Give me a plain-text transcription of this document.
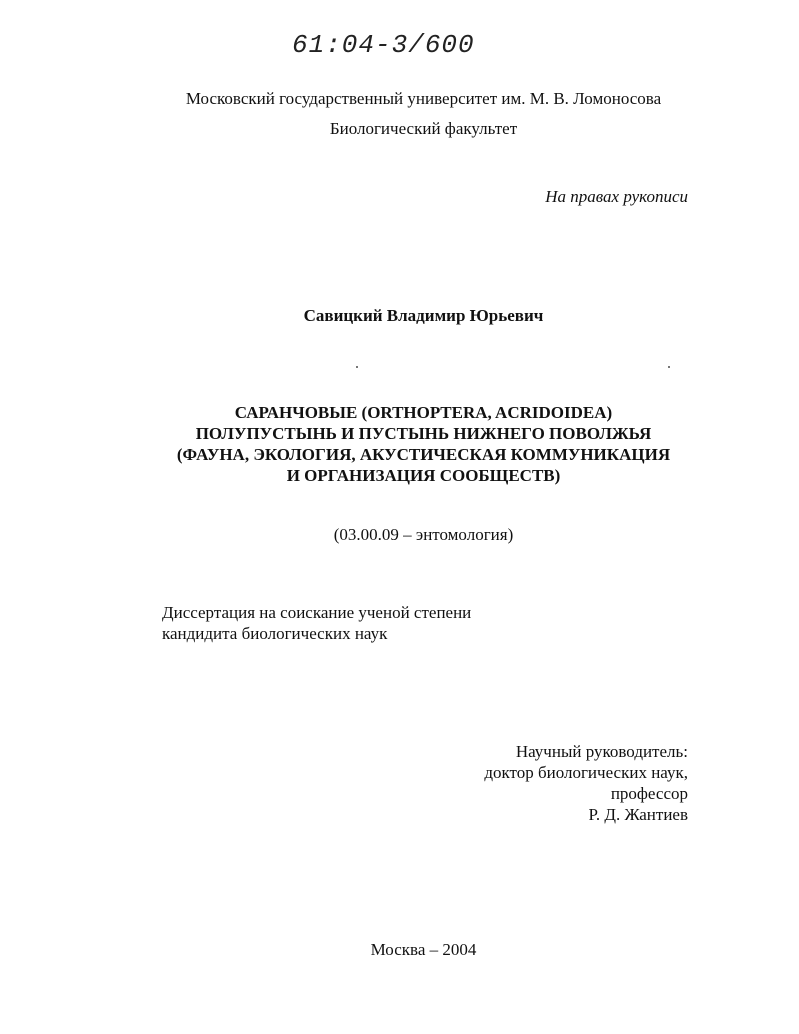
61:04-3/600
Московский государственный университет им. М. В. Ломоносова
Биологический факультет
На правах рукописи
Савицкий Владимир Юрьевич
САРАНЧОВЫЕ (ORTHOPTERA, ACRIDOIDEA)
ПОЛУПУСТЫНЬ И ПУСТЫНЬ НИЖНЕГО ПОВОЛЖЬЯ
(ФАУНА, ЭКОЛОГИЯ, АКУСТИЧЕСКАЯ КОММУНИКАЦИЯ
И ОРГАНИЗАЦИЯ СООБЩЕСТВ)
(03.00.09 – энтомология)
Диссертация на соискание ученой степени
кандидита биологических наук
Научный руководитель:
доктор биологических наук,
профессор
Р. Д. Жантиев
Москва – 2004
